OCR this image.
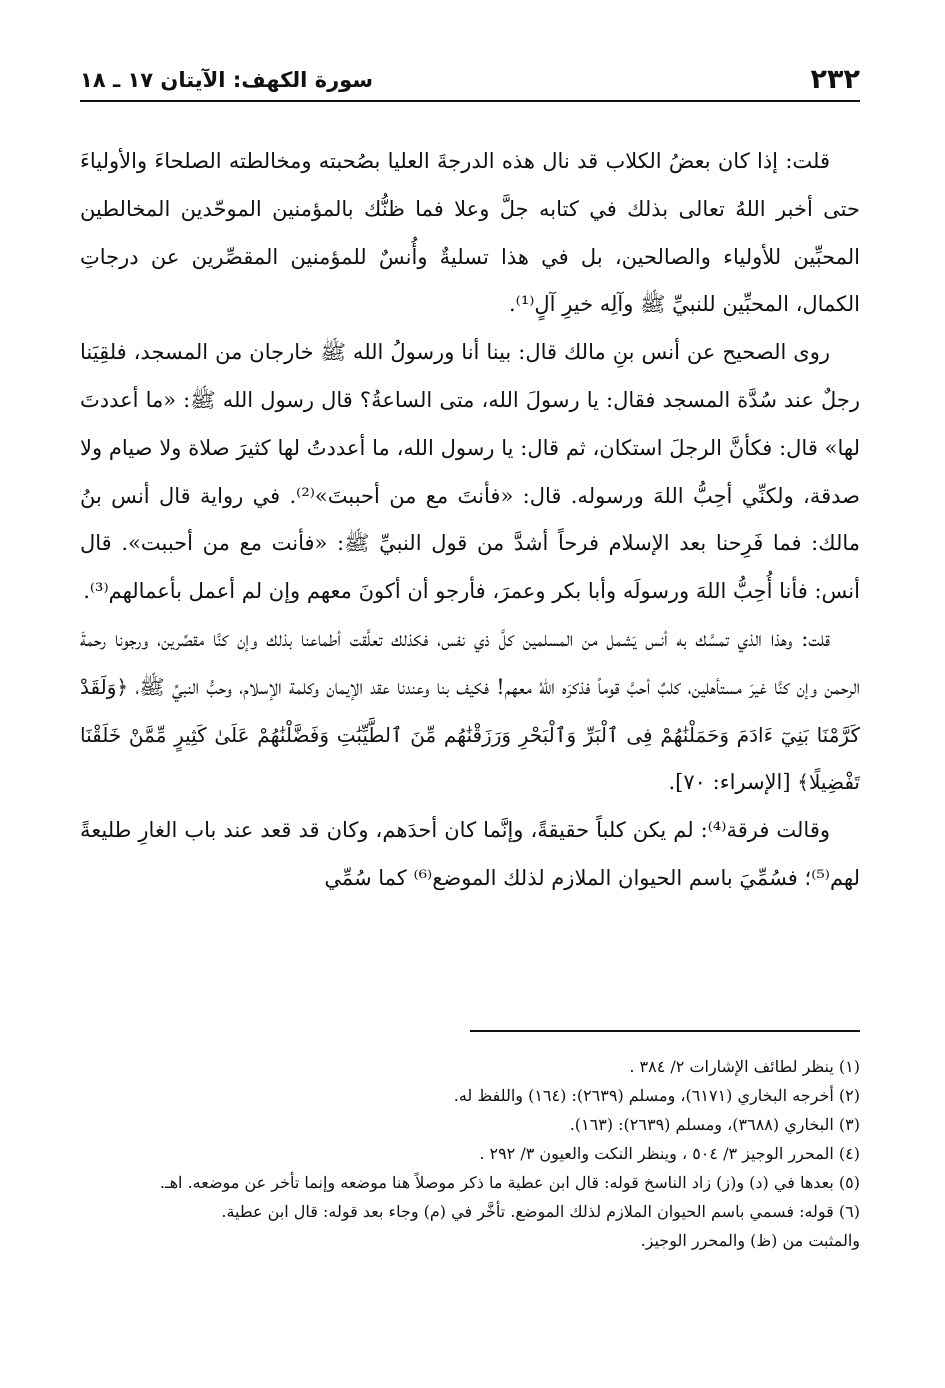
٢٣٢
سورة الكهف: الآيتان ١٧ ـ ١٨

قلت: إذا كان بعضُ الكلاب قد نال هذه الدرجةَ العليا بصُحبته ومخالطته الصلحاءَ والأولياءَ حتى أخبر اللهُ تعالى بذلك في كتابه جلَّ وعلا فما ظنُّك بالمؤمنين الموحّدين المخالطين المحبِّين للأولياء والصالحين، بل في هذا تسليةٌ وأُنسٌ للمؤمنين المقصِّرين عن درجاتِ الكمال، المحبِّين للنبيِّ ﷺ وآلِه خيرِ آلٍ⁽¹⁾.

روى الصحيح عن أنس بنِ مالك قال: بينا أنا ورسولُ الله ﷺ خارجان من المسجد، فلقِيَنا رجلٌ عند سُدَّة المسجد فقال: يا رسولَ الله، متى الساعةُ؟ قال رسول الله ﷺ: «ما أعددتَ لها» قال: فكأنَّ الرجلَ استكان، ثم قال: يا رسول الله، ما أعددتُ لها كثيرَ صلاة ولا صيام ولا صدقة، ولكنِّي أحِبُّ اللهَ ورسوله. قال: «فأنتَ مع من أحببتَ»⁽²⁾. في رواية قال أنس بنُ مالك: فما فَرِحنا بعد الإسلام فرحاً أشدَّ من قول النبيِّ ﷺ: «فأنت مع من أحببت». قال أنس: فأنا أُحِبُّ اللهَ ورسولَه وأبا بكر وعمرَ، فأرجو أن أكونَ معهم وإن لم أعمل بأعمالهم⁽³⁾.

قلت: وهذا الذي تمسَّك به أنس يَشمل من المسلمين كلَّ ذي نفس، فكذلك تعلَّقت أطماعنا بذلك وإن كنَّا مقصِّرين، ورجونا رحمةَ الرحمن وإن كنَّا غيرَ مستأهلين، كلبٌ أحبَّ قوماً فذكرَه اللهُ معهم! فكيف بنا وعندنا عقد الإيمان وكلمة الإسلام، وحبُّ النبيِّ ﷺ، ﴿وَلَقَدْ كَرَّمْنَا بَنِيٓ ءَادَمَ وَحَمَلْنَٰهُمْ فِى ٱلْبَرِّ وَٱلْبَحْرِ وَرَزَقْنَٰهُم مِّنَ ٱلطَّيِّبَٰتِ وَفَضَّلْنَٰهُمْ عَلَىٰ كَثِيرٍ مِّمَّنْ خَلَقْنَا تَفْضِيلًا﴾ [الإسراء: ٧٠].

وقالت فرقة⁽⁴⁾: لم يكن كلباً حقيقةً، وإنَّما كان أحدَهم، وكان قد قعد عند باب الغارِ طليعةً لهم⁽⁵⁾؛ فسُمِّيَ باسم الحيوان الملازم لذلك الموضع⁽⁶⁾ كما سُمِّي

(١) ينظر لطائف الإشارات ٢/ ٣٨٤ .
(٢) أخرجه البخاري (٦١٧١)، ومسلم (٢٦٣٩): (١٦٤) واللفظ له.
(٣) البخاري (٣٦٨٨)، ومسلم (٢٦٣٩): (١٦٣).
(٤) المحرر الوجيز ٣/ ٥٠٤ ، وينظر النكت والعيون ٣/ ٢٩٢ .
(٥) بعدها في (د) و(ز) زاد الناسخ قوله: قال ابن عطية ما ذكر موصلاً هنا موضعه وإنما تأخر عن موضعه. اهـ.
(٦) قوله: فسمي باسم الحيوان الملازم لذلك الموضع. تأخَّر في (م) وجاء بعد قوله: قال ابن عطية.
والمثبت من (ظ) والمحرر الوجيز.
